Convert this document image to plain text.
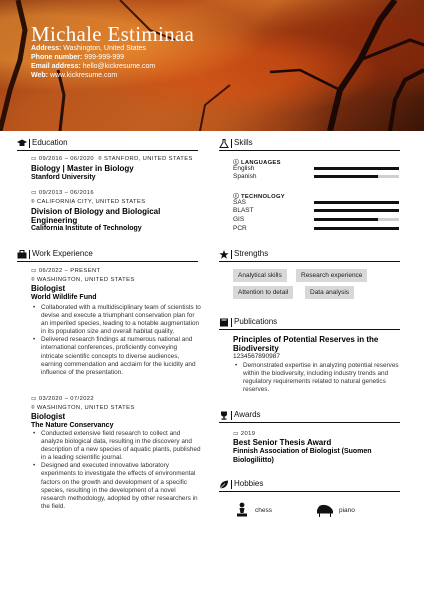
Michale Estiminaa
Address: Washington, United States
Phone number: 999-999-999
Email address: hello@kickresume.com
Web: www.kickresume.com
Education
▭ 09/2016 – 06/2020 ⌾ STANFORD, UNITED STATES
Biology | Master in Biology
Stanford University
▭ 09/2013 – 06/2016
⌾ CALIFORNIA CITY, UNITED STATES
Division of Biology and Biological Engineering
California Institute of Technology
Work Experience
▭ 06/2022 – PRESENT
⌾ WASHINGTON, UNITED STATES
Biologist
World Wildlife Fund
• Collaborated with a multidisciplinary team of scientists to devise and execute a triumphant conservation plan for an imperiled species, leading to a notable augmentation in its population size and overall habitat quality.
• Delivered research findings at numerous national and international conferences, proficiently conveying intricate scientific concepts to diverse audiences, earning commendation and acclaim for the lucidity and influence of the presentation.
▭ 03/2020 – 07/2022
⌾ WASHINGTON, UNITED STATES
Biologist
The Nature Conservancy
• Conducted extensive field research to collect and analyze biological data, resulting in the discovery and description of a new species of aquatic plants, published in a leading scientific journal.
• Designed and executed innovative laboratory experiments to investigate the effects of environmental factors on the growth and development of a specific species, resulting in the development of a novel research methodology, adopted by other researchers in the field.
Skills
ⓘ LANGUAGES
English
Spanish
ⓘ TECHNOLOGY
SAS
BLAST
GIS
PCR
Strengths
Analytical skills	Research experience
Attention to detail	Data analysis
Publications
Principles of Potential Reserves in the Biodiversity
1234567890987
• Demonstrated expertise in analyzing potential reserves within the biodiversity, including industry trends and regulatory requirements related to natural genetics reserves.
Awards
▭ 2019
Best Senior Thesis Award
Finnish Association of Biologist (Suomen Biologiliitto)
Hobbies
chess	piano
